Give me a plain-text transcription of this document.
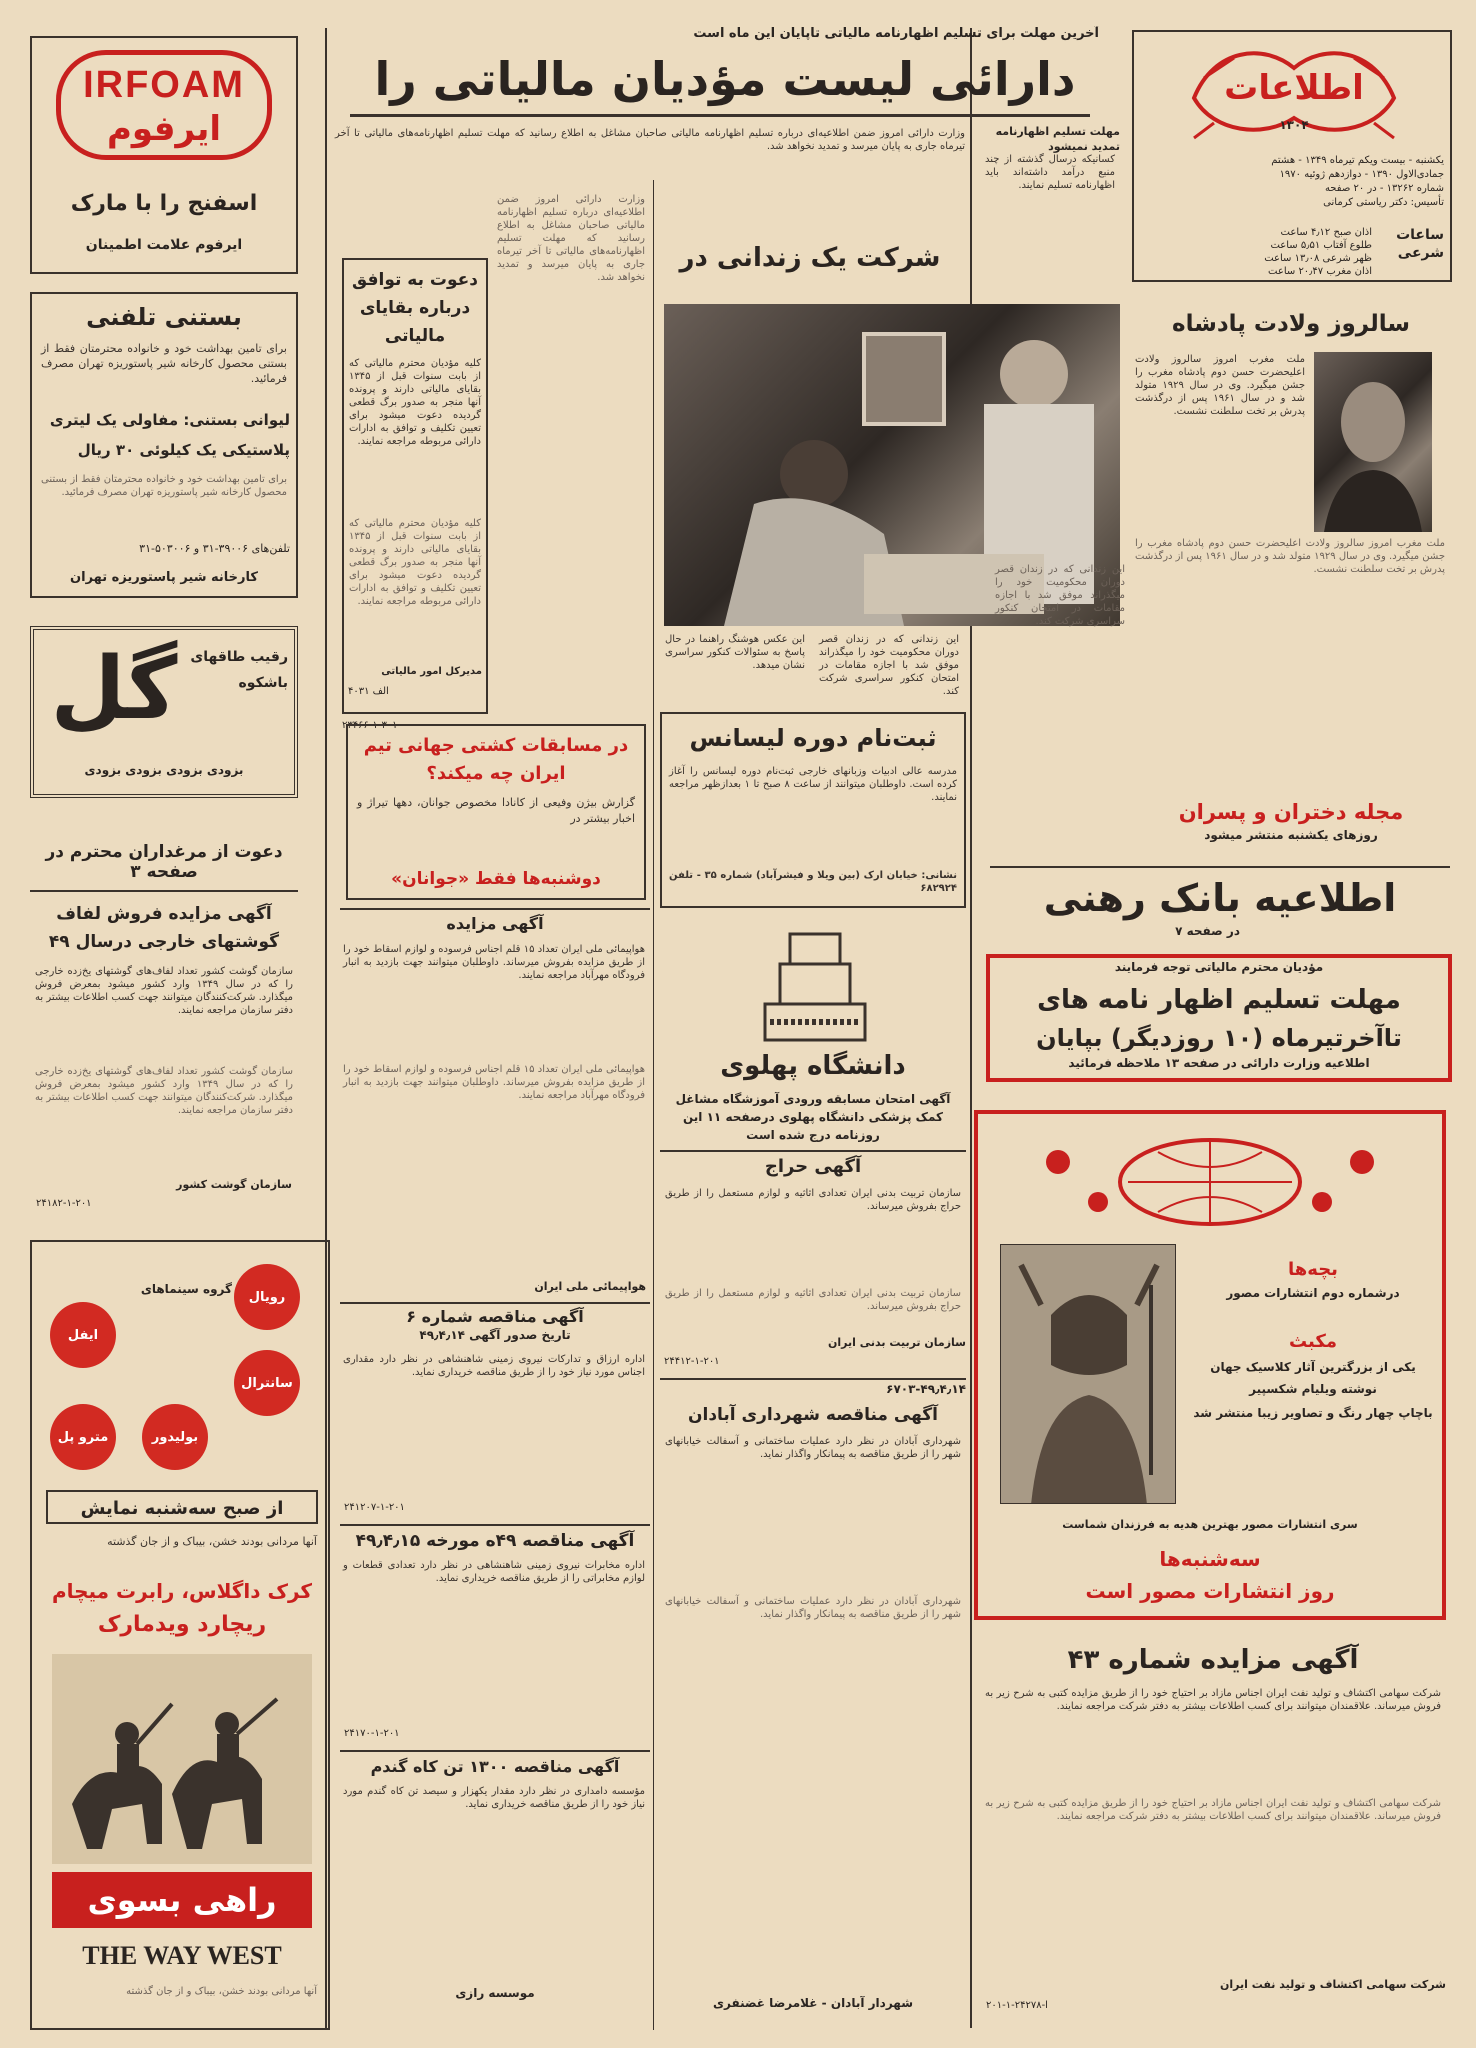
آخرین مهلت برای تسلیم اظهارنامه مالیاتی تاپایان این ماه است
دارائی لیست مؤدیان مالیاتی را
مهلت تسلیم اظهارنامه تمدید نمیشود
کسانیکه درسال گذشته از چند منبع درآمد داشته‌اند باید اظهارنامه تسلیم نمایند.
وزارت دارائی امروز ضمن اطلاعیه‌ای درباره تسلیم اظهارنامه مالیاتی صاحبان مشاغل به اطلاع رسانید که مهلت تسلیم اظهارنامه‌های مالیاتی تا آخر تیرماه جاری به پایان میرسد و تمدید نخواهد شد.
اطلاعات
۱۳۰۴
یکشنبه - بیست ویکم تیرماه ۱۳۴۹ - هشتم
جمادی‌الاول ۱۳۹۰ - دوازدهم ژوئیه ۱۹۷۰
شماره ۱۳۲۶۲ - در ۲۰ صفحه
تأسیس: دکتر ریاستی کرمانی
ساعات شرعی
اذان صبح ۴٫۱۲ ساعت
طلوع آفتاب ۵٫۵۱ ساعت
ظهر شرعی ۱۳٫۰۸ ساعت
اذان مغرب ۲۰٫۴۷ ساعت
IRFOAM
ایرفوم
اسفنج را با مارک
ایرفوم علامت اطمینان
بستنی تلفنی
برای تامین بهداشت خود و خانواده محترمتان فقط از بستنی محصول کارخانه شیر پاستوریزه تهران مصرف فرمائید.
لیوانی بستنی: مفاولی یک لیتری
پلاستیکی یک کیلوئی ۳۰ ریال
برای تامین بهداشت خود و خانواده محترمتان فقط از بستنی محصول کارخانه شیر پاستوریزه تهران مصرف فرمائید.
تلفن‌های ۳۹۰۰۶-۳۱ و ۵۰۳۰۰۶-۳۱
کارخانه شیر پاستوریزه تهران
رقیب طاقهای باشکوه
گل
بزودی بزودی بزودی بزودی
دعوت از مرغداران محترم در صفحه ۳
آگهی مزایده فروش لفاف گوشتهای خارجی درسال ۴۹
سازمان گوشت کشور تعداد لفاف‌های گوشتهای یخ‌زده خارجی را که در سال ۱۳۴۹ وارد کشور میشود بمعرض فروش میگذارد. شرکت‌کنندگان میتوانند جهت کسب اطلاعات بیشتر به دفتر سازمان مراجعه نمایند.
سازمان گوشت کشور تعداد لفاف‌های گوشتهای یخ‌زده خارجی را که در سال ۱۳۴۹ وارد کشور میشود بمعرض فروش میگذارد. شرکت‌کنندگان میتوانند جهت کسب اطلاعات بیشتر به دفتر سازمان مراجعه نمایند.
سازمان گوشت کشور
۲۴۱۸۲-۱-۲۰۱
رویال
گروه سینماهای
ایفل
سانترال
بولیدور
مترو پل
از صبح سه‌شنبه نمایش
آنها مردانی بودند خشن، بیباک و از جان گذشته
کرک داگلاس، رابرت میچام
ریچارد ویدمارک
راهی بسوی
THE WAY WEST
آنها مردانی بودند خشن، بیباک و از جان گذشته
دعوت به توافق درباره بقایای مالیاتی
کلیه مؤدیان محترم مالیاتی که از بابت سنوات قبل از ۱۳۴۵ بقایای مالیاتی دارند و پرونده آنها منجر به صدور برگ قطعی گردیده دعوت میشود برای تعیین تکلیف و توافق به ادارات دارائی مربوطه مراجعه نمایند.
کلیه مؤدیان محترم مالیاتی که از بابت سنوات قبل از ۱۳۴۵ بقایای مالیاتی دارند و پرونده آنها منجر به صدور برگ قطعی گردیده دعوت میشود برای تعیین تکلیف و توافق به ادارات دارائی مربوطه مراجعه نمایند.
مدیرکل امور مالیاتی
الف ۴۰۳۱
وزارت دارائی امروز ضمن اطلاعیه‌ای درباره تسلیم اظهارنامه مالیاتی صاحبان مشاغل به اطلاع رسانید که مهلت تسلیم اظهارنامه‌های مالیاتی تا آخر تیرماه جاری به پایان میرسد و تمدید نخواهد شد.
۲۳۴۶۶-۱-۳۰۱
شرکت یک زندانی در
این عکس هوشنگ راهنما در حال پاسخ به سئوالات کنکور سراسری نشان میدهد.
این زندانی که در زندان قصر دوران محکومیت خود را میگذراند موفق شد با اجازه مقامات در امتحان کنکور سراسری شرکت کند.
این زندانی که در زندان قصر دوران محکومیت خود را میگذراند موفق شد با اجازه مقامات در امتحان کنکور سراسری شرکت کند.
در مسابقات کشتی جهانی تیم ایران چه میکند؟
گزارش بیژن وفیعی از کانادا مخصوص جوانان، دهها تیراژ و اخبار بیشتر در
دوشنبه‌ها فقط «جوانان»
ثبت‌نام دوره لیسانس
مدرسه عالی ادبیات وزبانهای خارجی ثبت‌نام دوره لیسانس را آغاز کرده است. داوطلبان میتوانند از ساعت ۸ صبح تا ۱ بعدازظهر مراجعه نمایند.
نشانی: خیابان ارک (بین ویلا و فیشرآباد) شماره ۳۵ - تلفن ۶۸۲۹۲۴
دانشگاه پهلوی
آگهی امتحان مسابقه ورودی آموزشگاه مشاغل کمک پزشکی دانشگاه پهلوی درصفحه ۱۱ این روزنامه درج شده است
سالروز ولادت پادشاه
ملت مغرب امروز سالروز ولادت اعلیحضرت حسن دوم پادشاه مغرب را جشن میگیرد. وی در سال ۱۹۲۹ متولد شد و در سال ۱۹۶۱ پس از درگذشت پدرش بر تخت سلطنت نشست.
ملت مغرب امروز سالروز ولادت اعلیحضرت حسن دوم پادشاه مغرب را جشن میگیرد. وی در سال ۱۹۲۹ متولد شد و در سال ۱۹۶۱ پس از درگذشت پدرش بر تخت سلطنت نشست.
مجله دختران و پسران
روزهای یکشنبه منتشر میشود
اطلاعیه بانک رهنی
در صفحه ۷
مؤدیان محترم مالیاتی توجه فرمایند
مهلت تسلیم اظهار نامه های
تاآخرتیرماه (۱۰ روزدیگر) بپایان
اطلاعیه وزارت دارائی در صفحه ۱۳ ملاحظه فرمائید
بچه‌ها
درشماره دوم انتشارات مصور
مکبث
یکی از بزرگترین آثار کلاسیک جهان
نوشته ویلیام شکسپیر
باچاپ چهار رنگ و تصاویر زیبا منتشر شد
سری انتشارات مصور بهترین هدیه به فرزندان شماست
سه‌شنبه‌ها
روز انتشارات مصور است
آگهی مزایده شماره ۴۳
شرکت سهامی اکتشاف و تولید نفت ایران اجناس مازاد بر احتیاج خود را از طریق مزایده کتبی به شرح زیر به فروش میرساند. علاقمندان میتوانند برای کسب اطلاعات بیشتر به دفتر شرکت مراجعه نمایند.
شرکت سهامی اکتشاف و تولید نفت ایران اجناس مازاد بر احتیاج خود را از طریق مزایده کتبی به شرح زیر به فروش میرساند. علاقمندان میتوانند برای کسب اطلاعات بیشتر به دفتر شرکت مراجعه نمایند.
شرکت سهامی اکتشاف و تولید نفت ایران
آ-۲۴۲۷۸-۱-۲۰۱
آگهی مزایده
هواپیمائی ملی ایران تعداد ۱۵ قلم اجناس فرسوده و لوازم اسقاط خود را از طریق مزایده بفروش میرساند. داوطلبان میتوانند جهت بازدید به انبار فرودگاه مهرآباد مراجعه نمایند.
هواپیمائی ملی ایران تعداد ۱۵ قلم اجناس فرسوده و لوازم اسقاط خود را از طریق مزایده بفروش میرساند. داوطلبان میتوانند جهت بازدید به انبار فرودگاه مهرآباد مراجعه نمایند.
هواپیمائی ملی ایران
آگهی مناقصه شماره ۶
تاریخ صدور آگهی ۴۹٫۴٫۱۴
اداره ارزاق و تدارکات نیروی زمینی شاهنشاهی در نظر دارد مقداری اجناس مورد نیاز خود را از طریق مناقصه خریداری نماید.
۲۴۱۲۰۷-۱-۲۰۱
آگهی مناقصه ۴۹ه مورخه ۴۹٫۴٫۱۵
اداره مخابرات نیروی زمینی شاهنشاهی در نظر دارد تعدادی قطعات و لوازم مخابراتی را از طریق مناقصه خریداری نماید.
۲۴۱۷۰-۱-۲۰۱
آگهی مناقصه ۱۳۰۰ تن کاه گندم
مؤسسه دامداری در نظر دارد مقدار یکهزار و سیصد تن کاه گندم مورد نیاز خود را از طریق مناقصه خریداری نماید.
موسسه رازی
آگهی حراج
سازمان تربیت بدنی ایران تعدادی اثاثیه و لوازم مستعمل را از طریق حراج بفروش میرساند.
سازمان تربیت بدنی ایران تعدادی اثاثیه و لوازم مستعمل را از طریق حراج بفروش میرساند.
سازمان تربیت بدنی ایران
۲۴۴۱۲-۱-۲۰۱
۶۷۰۳-۴۹٫۴٫۱۴
آگهی مناقصه شهرداری آبادان
شهرداری آبادان در نظر دارد عملیات ساختمانی و آسفالت خیابانهای شهر را از طریق مناقصه به پیمانکار واگذار نماید.
شهرداری آبادان در نظر دارد عملیات ساختمانی و آسفالت خیابانهای شهر را از طریق مناقصه به پیمانکار واگذار نماید.
شهردار آبادان - غلامرضا غضنفری
